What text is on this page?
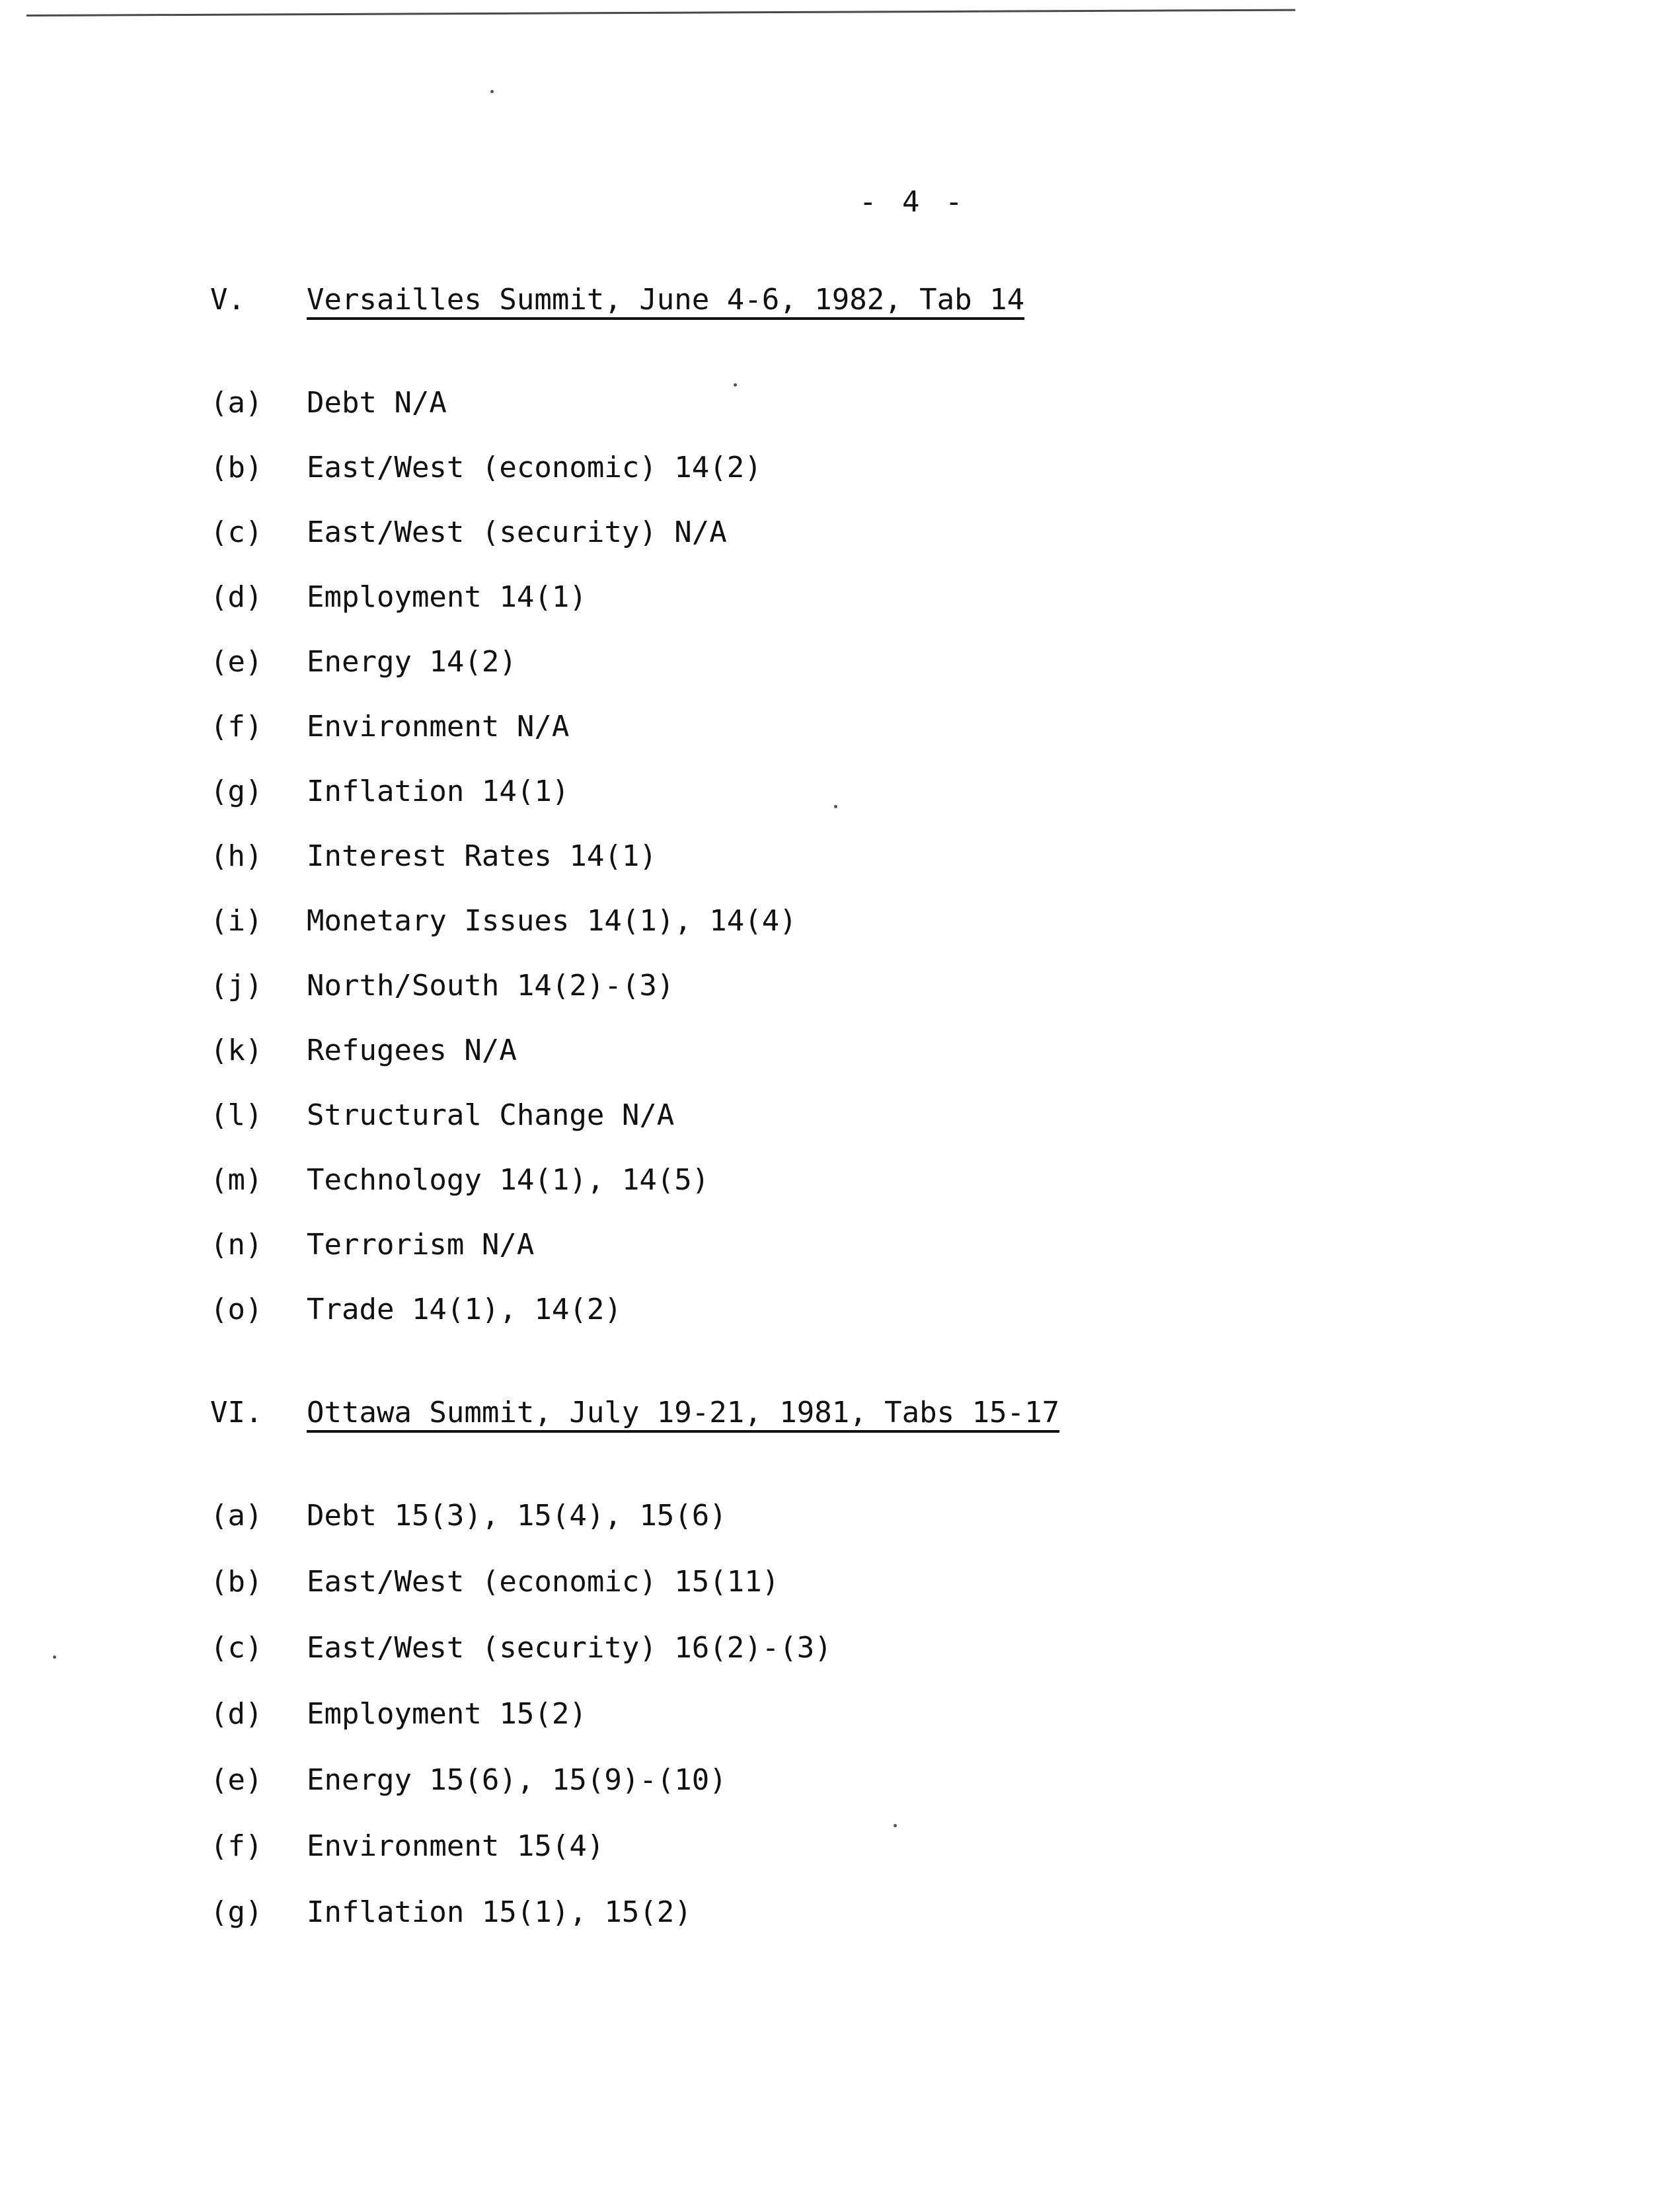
- 4 -
V. Versailles Summit, June 4-6, 1982, Tab 14
(a) Debt N/A
(b) East/West (economic) 14(2)
(c) East/West (security) N/A
(d) Employment 14(1)
(e) Energy 14(2)
(f) Environment N/A
(g) Inflation 14(1)
(h) Interest Rates 14(1)
(i) Monetary Issues 14(1), 14(4)
(j) North/South 14(2)-(3)
(k) Refugees N/A
(l) Structural Change N/A
(m) Technology 14(1), 14(5)
(n) Terrorism N/A
(o) Trade 14(1), 14(2)
VI. Ottawa Summit, July 19-21, 1981, Tabs 15-17
(a) Debt 15(3), 15(4), 15(6)
(b) East/West (economic) 15(11)
(c) East/West (security) 16(2)-(3)
(d) Employment 15(2)
(e) Energy 15(6), 15(9)-(10)
(f) Environment 15(4)
(g) Inflation 15(1), 15(2)
